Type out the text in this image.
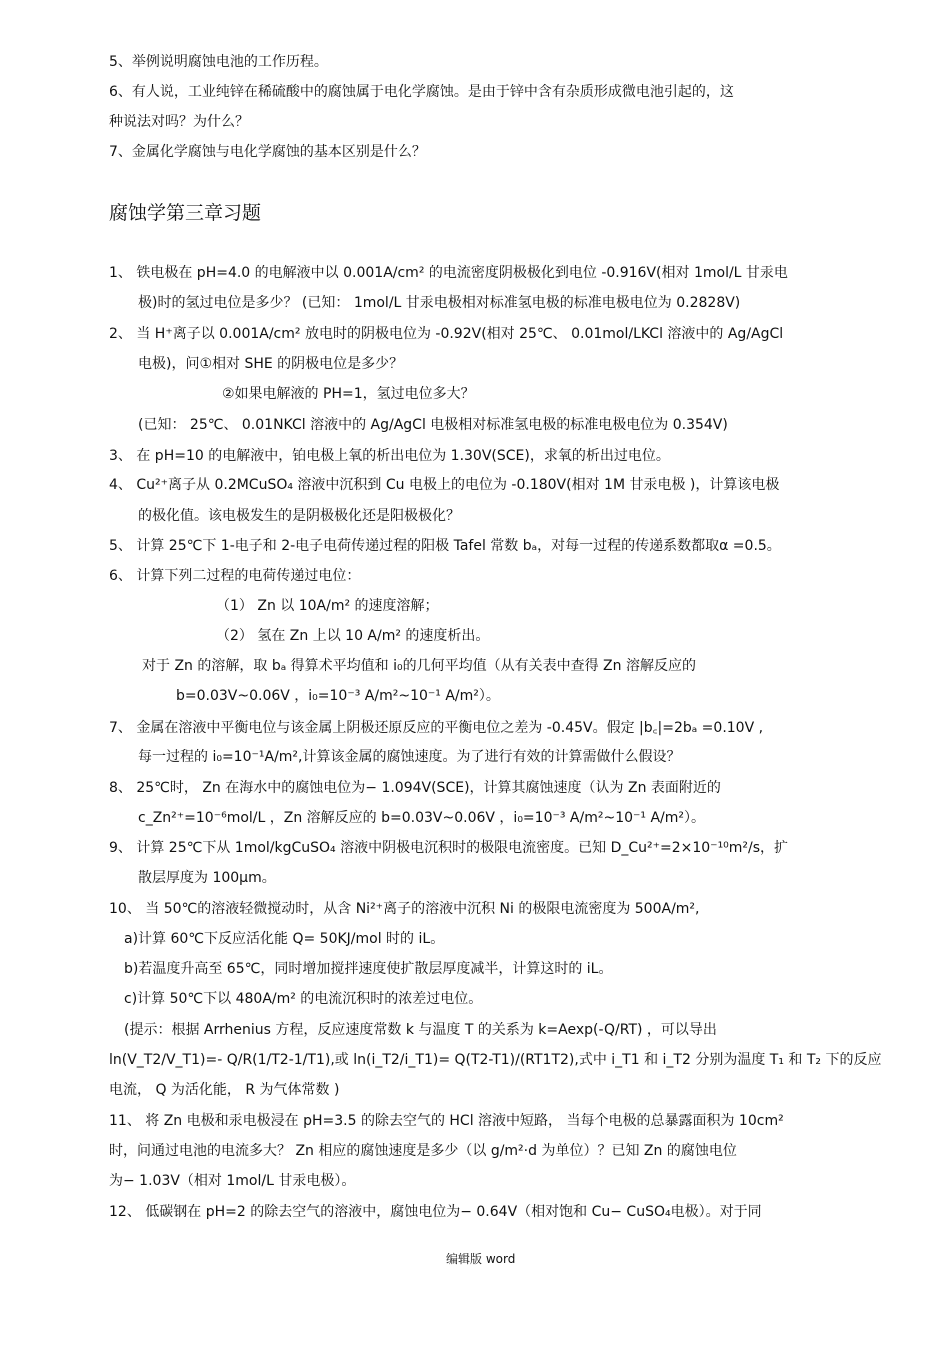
5、举例说明腐蚀电池的工作历程。
6、有人说，工业纯锌在稀硫酸中的腐蚀属于电化学腐蚀。是由于锌中含有杂质形成微电池引起的，这
种说法对吗？为什么？
7、金属化学腐蚀与电化学腐蚀的基本区别是什么？
腐蚀学第三章习题
1、 铁电极在 pH=4.0 的电解液中以 0.001A/cm² 的电流密度阴极极化到电位 -0.916V(相对 1mol/L 甘汞电
极)时的氢过电位是多少？ (已知： 1mol/L 甘汞电极相对标准氢电极的标准电极电位为 0.2828V)
2、 当 H⁺离子以 0.001A/cm² 放电时的阴极电位为 -0.92V(相对 25℃、 0.01mol/LKCl 溶液中的 Ag/AgCl
电极)，问①相对 SHE 的阴极电位是多少？
②如果电解液的 PH=1，氢过电位多大？
(已知： 25℃、 0.01NKCl 溶液中的 Ag/AgCl 电极相对标准氢电极的标准电极电位为 0.354V)
3、 在 pH=10 的电解液中，铂电极上氧的析出电位为 1.30V(SCE)，求氧的析出过电位。
4、 Cu²⁺离子从 0.2MCuSO₄ 溶液中沉积到 Cu 电极上的电位为 -0.180V(相对 1M 甘汞电极 )，计算该电极
的极化值。该电极发生的是阴极极化还是阳极极化？
5、 计算 25℃下 1-电子和 2-电子电荷传递过程的阳极 Tafel 常数 bₐ，对每一过程的传递系数都取α =0.5。
6、 计算下列二过程的电荷传递过电位：
（1） Zn 以 10A/m² 的速度溶解；
（2） 氢在 Zn 上以 10 A/m² 的速度析出。
对于 Zn 的溶解，取 bₐ 得算术平均值和 i₀的几何平均值（从有关表中查得 Zn 溶解反应的
b=0.03V~0.06V ，i₀=10⁻³ A/m²~10⁻¹ A/m²）。
7、 金属在溶液中平衡电位与该金属上阴极还原反应的平衡电位之差为 -0.45V。假定 |b꜀|=2bₐ =0.10V ,
每一过程的 i₀=10⁻¹A/m²,计算该金属的腐蚀速度。为了进行有效的计算需做什么假设？
8、 25℃时， Zn 在海水中的腐蚀电位为− 1.094V(SCE)，计算其腐蚀速度（认为 Zn 表面附近的
c_Zn²⁺=10⁻⁶mol/L ，Zn 溶解反应的 b=0.03V~0.06V ，i₀=10⁻³ A/m²~10⁻¹ A/m²）。
9、 计算 25℃下从 1mol/kgCuSO₄ 溶液中阴极电沉积时的极限电流密度。已知 D_Cu²⁺=2×10⁻¹⁰m²/s，扩
散层厚度为 100μm。
10、 当 50℃的溶液轻微搅动时，从含 Ni²⁺离子的溶液中沉积 Ni 的极限电流密度为 500A/m²,
a)计算 60℃下反应活化能 Q= 50KJ/mol 时的 iL。
b)若温度升高至 65℃，同时增加搅拌速度使扩散层厚度减半，计算这时的 iL。
c)计算 50℃下以 480A/m² 的电流沉积时的浓差过电位。
(提示：根据 Arrhenius 方程，反应速度常数 k 与温度 T 的关系为 k=Aexp(-Q/RT) ，可以导出
ln(V_T2/V_T1)=- Q/R(1/T2-1/T1),或 ln(i_T2/i_T1)= Q(T2-T1)/(RT1T2),式中 i_T1 和 i_T2 分别为温度 T₁ 和 T₂ 下的反应
电流， Q 为活化能， R 为气体常数 )
11、 将 Zn 电极和汞电极浸在 pH=3.5 的除去空气的 HCl 溶液中短路， 当每个电极的总暴露面积为 10cm²
时，问通过电池的电流多大？ Zn 相应的腐蚀速度是多少（以 g/m²·d 为单位）？已知 Zn 的腐蚀电位
为− 1.03V（相对 1mol/L 甘汞电极）。
12、 低碳钢在 pH=2 的除去空气的溶液中，腐蚀电位为− 0.64V（相对饱和 Cu− CuSO₄电极）。对于同
编辑版 word
